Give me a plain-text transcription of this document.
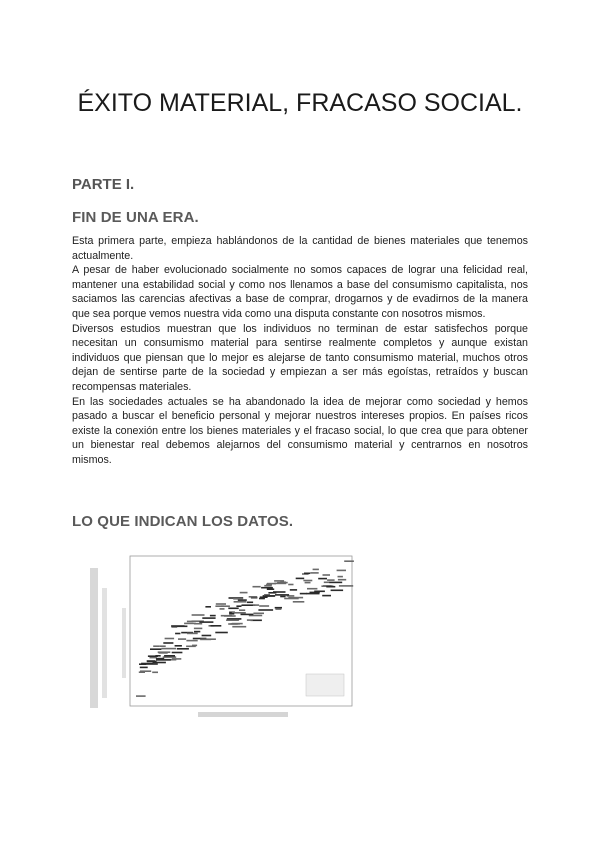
ÉXITO MATERIAL, FRACASO SOCIAL.
PARTE I.
FIN DE UNA ERA.

Esta primera parte, empieza hablándonos de la cantidad de bienes materiales que tenemos actualmente.

A pesar de haber evolucionado socialmente no somos capaces de lograr una felicidad real, mantener una estabilidad social y como nos llenamos a base del consumismo capitalista, nos saciamos las carencias afectivas a base de comprar, drogarnos y de evadirnos de la manera que sea porque vemos nuestra vida como una disputa constante con nosotros mismos.

Diversos estudios muestran que los individuos no terminan de estar satisfechos porque necesitan un consumismo material para sentirse realmente completos y aunque existan individuos que piensan que lo mejor es alejarse de tanto consumismo material, muchos otros dejan de sentirse parte de la sociedad y empiezan a ser más egoístas, retraídos y buscan recompensas materiales.

En las sociedades actuales se ha abandonado la idea de mejorar como sociedad y hemos pasado a buscar el beneficio personal y mejorar nuestros intereses propios. En países ricos existe la conexión entre los bienes materiales y el fracaso social, lo que crea que para obtener un bienestar real debemos alejarnos del consumismo material y centrarnos en nosotros mismos.

LO QUE INDICAN LOS DATOS.
